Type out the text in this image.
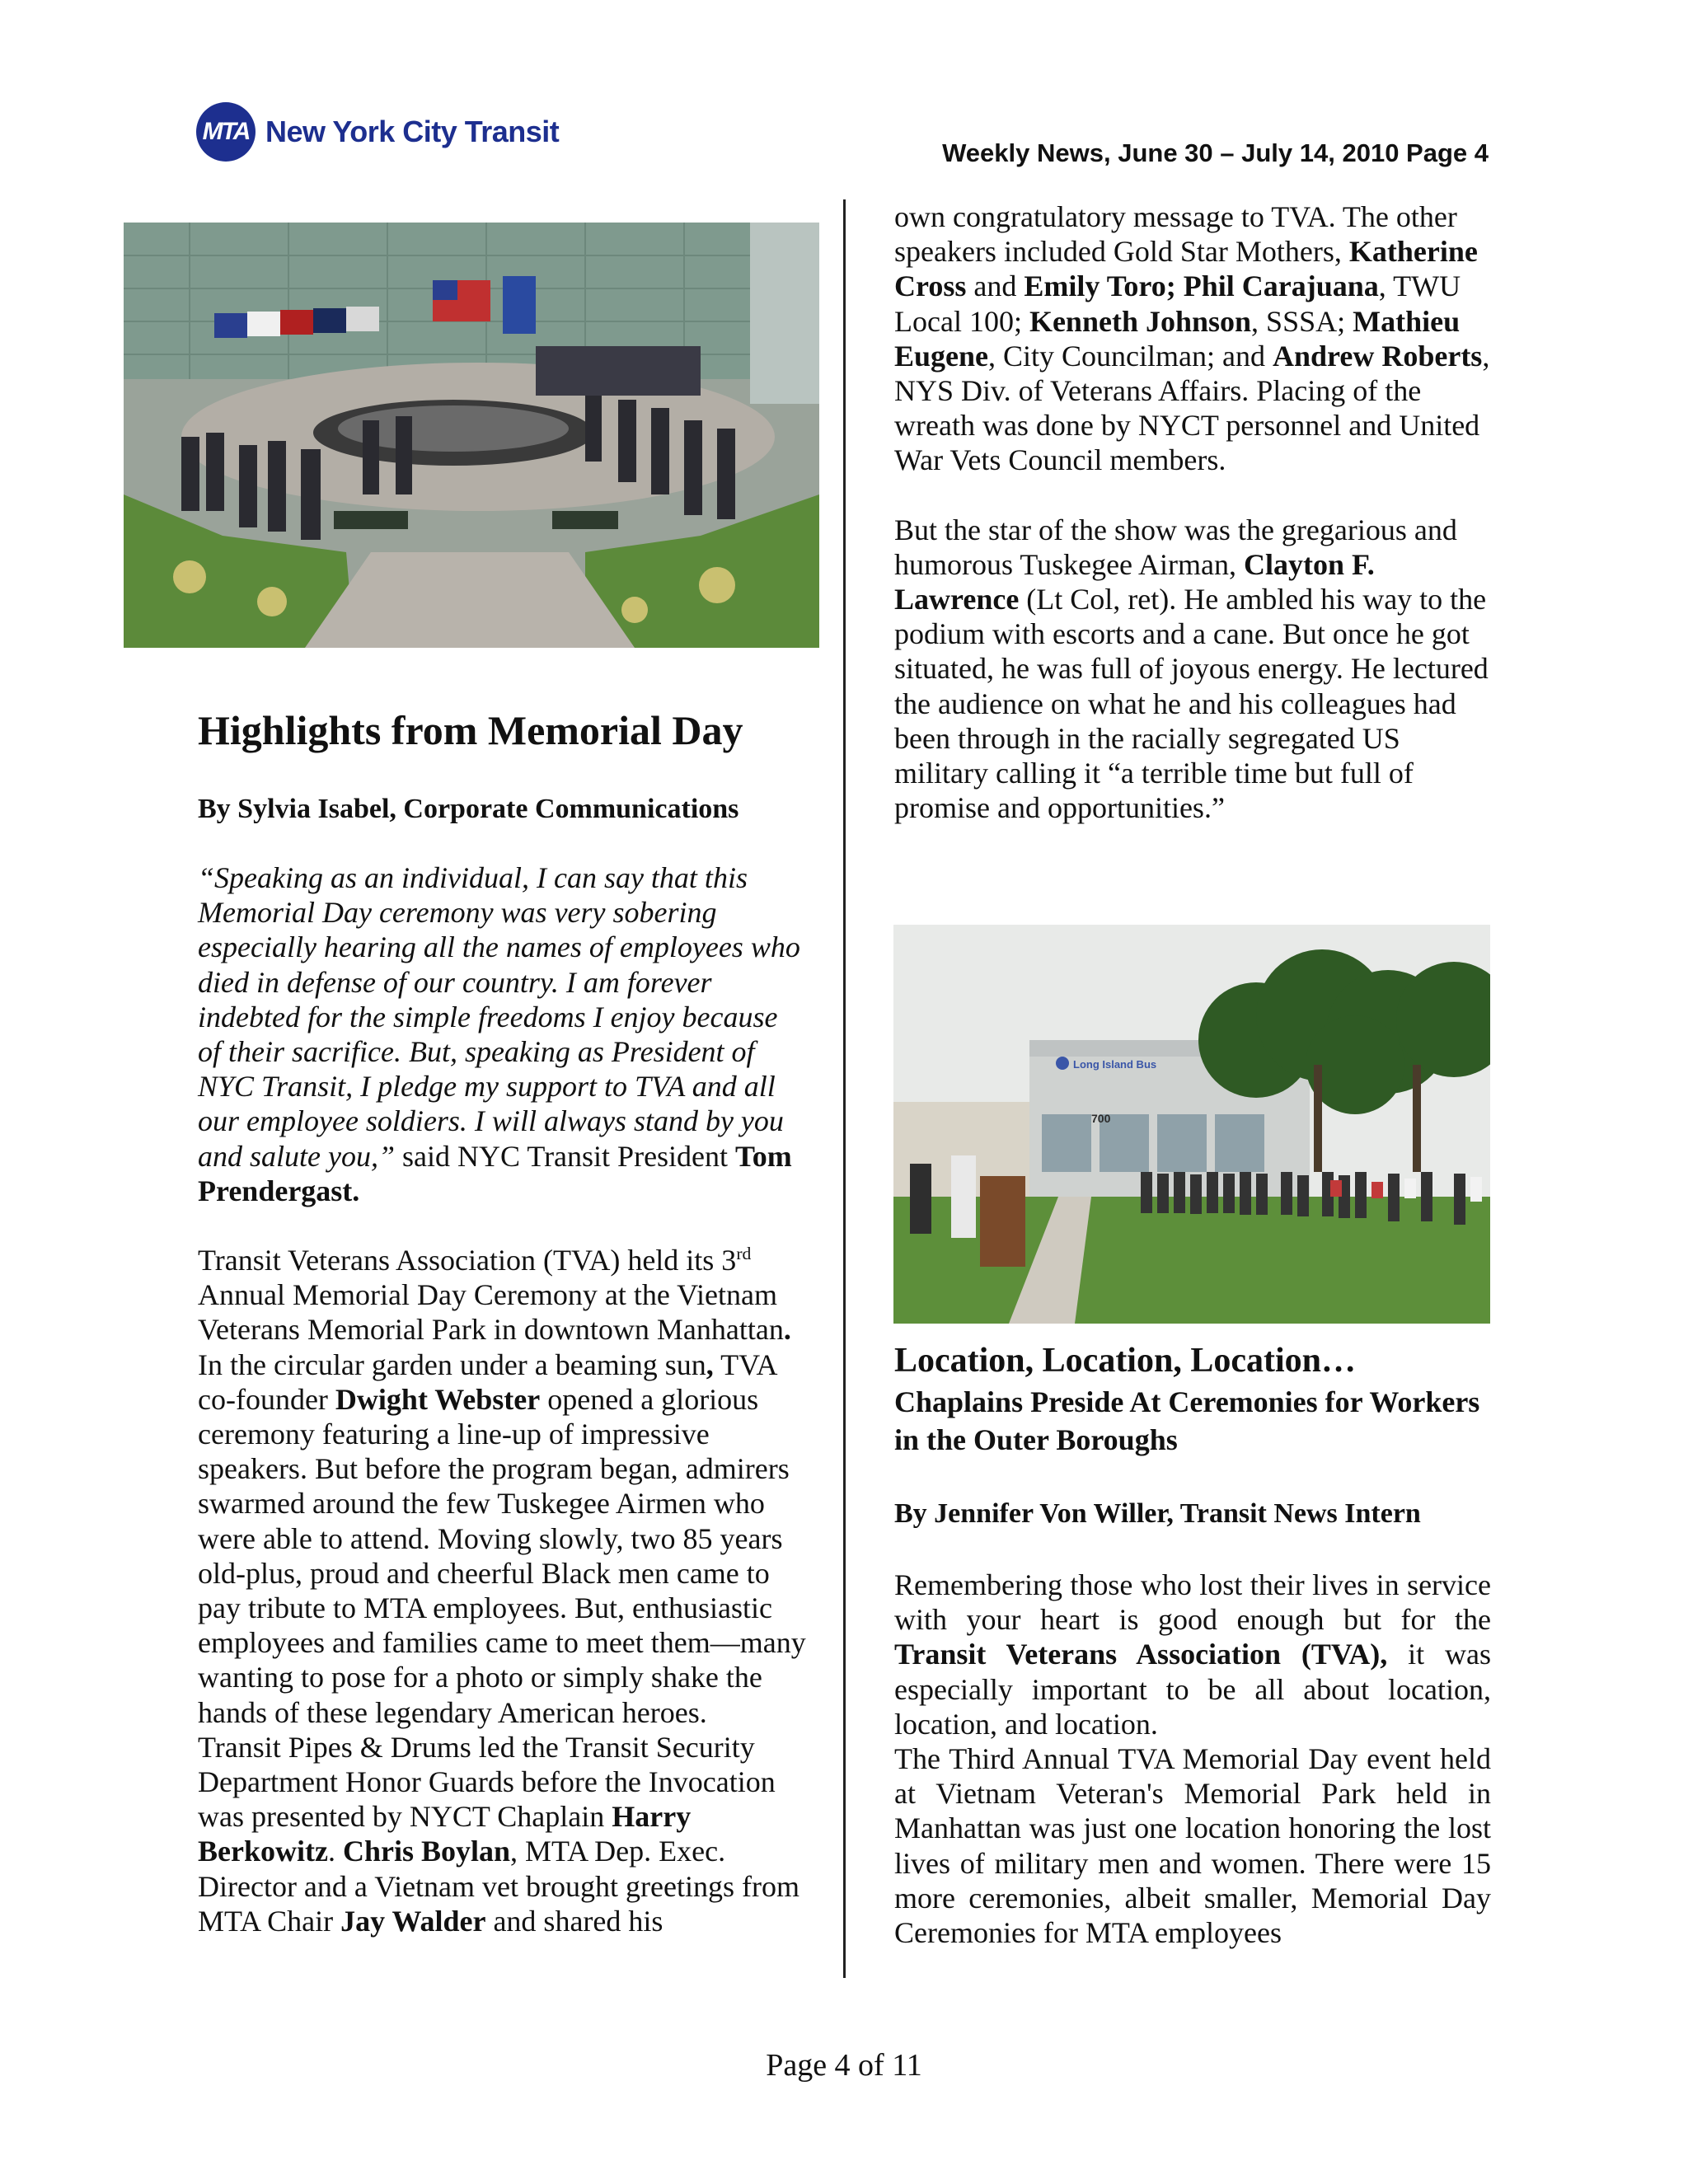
MTA New York City Transit
Weekly News, June 30 – July 14, 2010 Page 4
Highlights from Memorial Day
By Sylvia Isabel, Corporate Communications

“Speaking as an individual, I can say that this Memorial Day ceremony was very sobering especially hearing all the names of employees who died in defense of our country. I am forever indebted for the simple freedoms I enjoy because of their sacrifice. But, speaking as President of NYC Transit, I pledge my support to TVA and all our employee soldiers. I will always stand by you and salute you,” said NYC Transit President Tom Prendergast.

Transit Veterans Association (TVA) held its 3rd Annual Memorial Day Ceremony at the Vietnam Veterans Memorial Park in downtown Manhattan. In the circular garden under a beaming sun, TVA co-founder Dwight Webster opened a glorious ceremony featuring a line-up of impressive speakers. But before the program began, admirers swarmed around the few Tuskegee Airmen who were able to attend. Moving slowly, two 85 years old-plus, proud and cheerful Black men came to pay tribute to MTA employees. But, enthusiastic employees and families came to meet them—many wanting to pose for a photo or simply shake the hands of these legendary American heroes.

Transit Pipes & Drums led the Transit Security Department Honor Guards before the Invocation was presented by NYCT Chaplain Harry Berkowitz. Chris Boylan, MTA Dep. Exec. Director and a Vietnam vet brought greetings from MTA Chair Jay Walder and shared his

own congratulatory message to TVA. The other speakers included Gold Star Mothers, Katherine Cross and Emily Toro; Phil Carajuana, TWU Local 100; Kenneth Johnson, SSSA; Mathieu Eugene, City Councilman; and Andrew Roberts, NYS Div. of Veterans Affairs. Placing of the wreath was done by NYCT personnel and United War Vets Council members.

But the star of the show was the gregarious and humorous Tuskegee Airman, Clayton F. Lawrence (Lt Col, ret). He ambled his way to the podium with escorts and a cane. But once he got situated, he was full of joyous energy. He lectured the audience on what he and his colleagues had been through in the racially segregated US military calling it “a terrible time but full of promise and opportunities.”

Long Island Bus
700
Location, Location, Location…
Chaplains Preside At Ceremonies for Workers in the Outer Boroughs
By Jennifer Von Willer, Transit News Intern

Remembering those who lost their lives in service with your heart is good enough but for the Transit Veterans Association (TVA), it was especially important to be all about location, location, and location.

The Third Annual TVA Memorial Day event held at Vietnam Veteran's Memorial Park held in Manhattan was just one location honoring the lost lives of military men and women. There were 15 more ceremonies, albeit smaller, Memorial Day Ceremonies for MTA employees

Page 4 of 11
